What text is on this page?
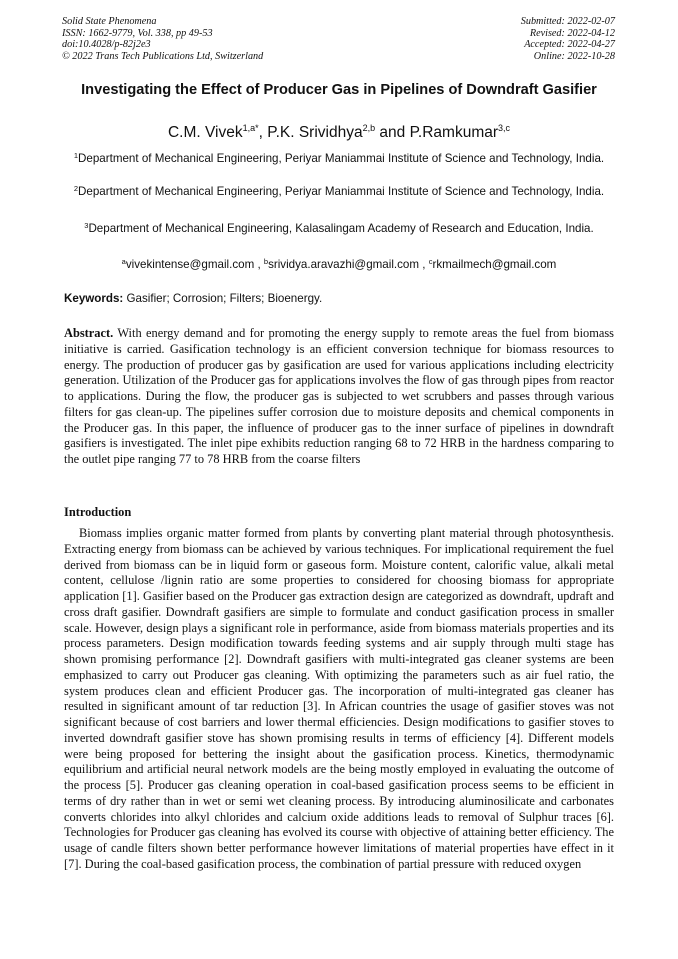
Solid State Phenomena
ISSN: 1662-9779, Vol. 338, pp 49-53
doi:10.4028/p-82j2e3
© 2022 Trans Tech Publications Ltd, Switzerland
Submitted: 2022-02-07
Revised: 2022-04-12
Accepted: 2022-04-27
Online: 2022-10-28
Investigating the Effect of Producer Gas in Pipelines of Downdraft Gasifier
C.M. Vivek$^{1,a*}$, P.K. Srividhya$^{2,b}$ and P.Ramkumar$^{3,c}$
$^1$Department of Mechanical Engineering, Periyar Maniammai Institute of Science and Technology, India.
$^2$Department of Mechanical Engineering, Periyar Maniammai Institute of Science and Technology, India.
$^3$Department of Mechanical Engineering, Kalasalingam Academy of Research and Education, India.
$^a$vivekintense@gmail.com , $^b$srividya.aravazhi@gmail.com , $^c$rkmailmech@gmail.com
Keywords: Gasifier; Corrosion; Filters; Bioenergy.
Abstract. With energy demand and for promoting the energy supply to remote areas the fuel from biomass initiative is carried. Gasification technology is an efficient conversion technique for biomass resources to energy. The production of producer gas by gasification are used for various applications including electricity generation. Utilization of the Producer gas for applications involves the flow of gas through pipes from reactor to applications. During the flow, the producer gas is subjected to wet scrubbers and passes through various filters for gas clean-up. The pipelines suffer corrosion due to moisture deposits and chemical components in the Producer gas. In this paper, the influence of producer gas to the inner surface of pipelines in downdraft gasifiers is investigated. The inlet pipe exhibits reduction ranging 68 to 72 HRB in the hardness comparing to the outlet pipe ranging 77 to 78 HRB from the coarse filters
Introduction
Biomass implies organic matter formed from plants by converting plant material through photosynthesis. Extracting energy from biomass can be achieved by various techniques. For implicational requirement the fuel derived from biomass can be in liquid form or gaseous form. Moisture content, calorific value, alkali metal content, cellulose /lignin ratio are some properties to considered for choosing biomass for appropriate application [1]. Gasifier based on the Producer gas extraction design are categorized as downdraft, updraft and cross draft gasifier. Downdraft gasifiers are simple to formulate and conduct gasification process in smaller scale. However, design plays a significant role in performance, aside from biomass materials properties and its process parameters. Design modification towards feeding systems and air supply through multi stage has shown promising performance [2]. Downdraft gasifiers with multi-integrated gas cleaner systems are been emphasized to carry out Producer gas cleaning. With optimizing the parameters such as air fuel ratio, the system produces clean and efficient Producer gas. The incorporation of multi-integrated gas cleaner has resulted in significant amount of tar reduction [3]. In African countries the usage of gasifier stoves was not significant because of cost barriers and lower thermal efficiencies. Design modifications to gasifier stoves to inverted downdraft gasifier stove has shown promising results in terms of efficiency [4]. Different models were being proposed for bettering the insight about the gasification process. Kinetics, thermodynamic equilibrium and artificial neural network models are the being mostly employed in evaluating the outcome of the process [5]. Producer gas cleaning operation in coal-based gasification process seems to be efficient in terms of dry rather than in wet or semi wet cleaning process. By introducing aluminosilicate and carbonates converts chlorides into alkyl chlorides and calcium oxide additions leads to removal of Sulphur traces [6]. Technologies for Producer gas cleaning has evolved its course with objective of attaining better efficiency. The usage of candle filters shown better performance however limitations of material properties have effect in it [7]. During the coal-based gasification process, the combination of partial pressure with reduced oxygen
